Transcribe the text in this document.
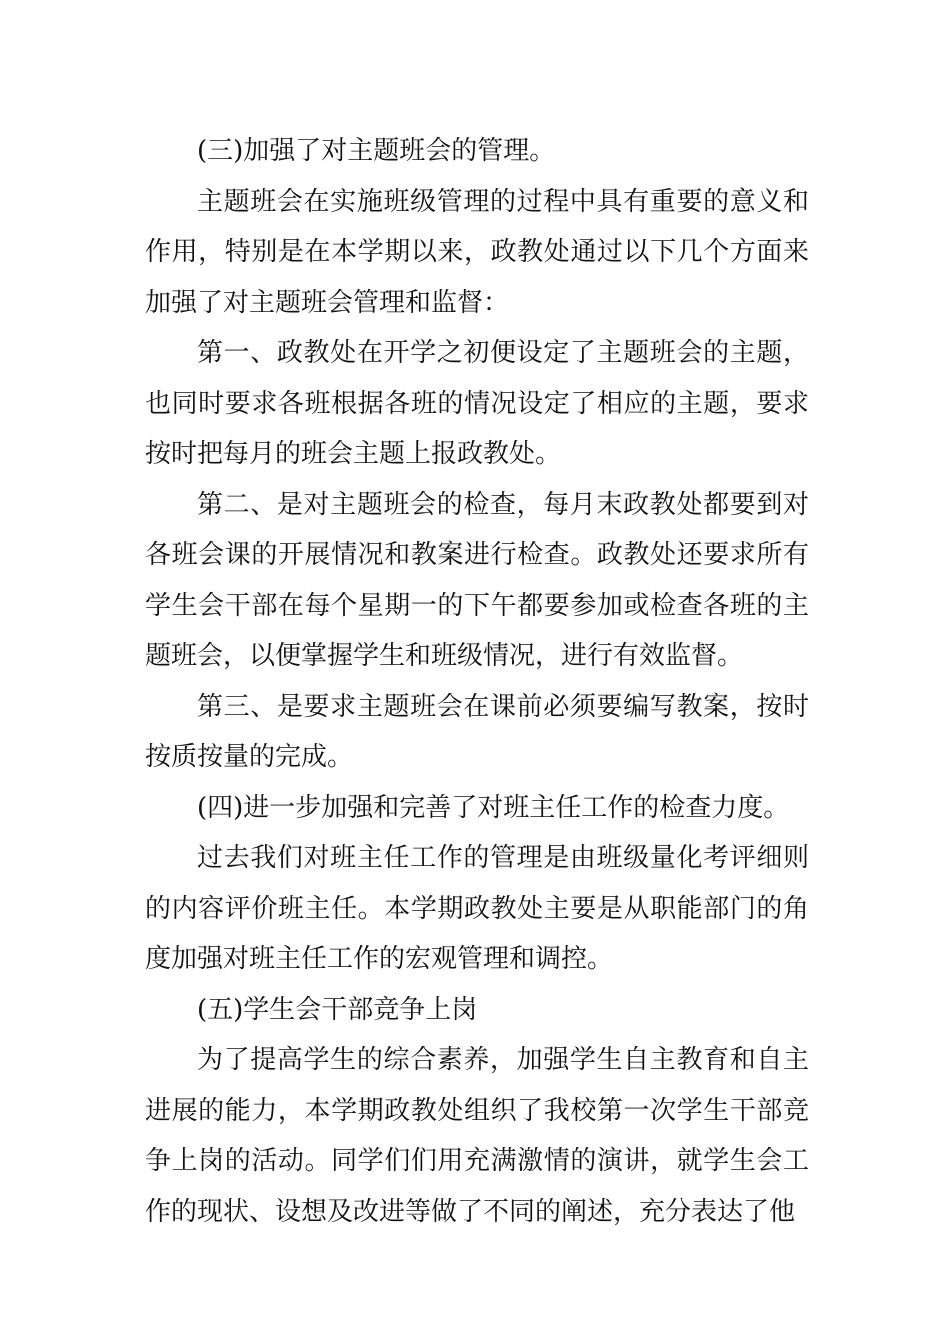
(三)加强了对主题班会的管理。

主题班会在实施班级管理的过程中具有重要的意义和作用，特别是在本学期以来，政教处通过以下几个方面来加强了对主题班会管理和监督：

第一、政教处在开学之初便设定了主题班会的主题，也同时要求各班根据各班的情况设定了相应的主题，要求按时把每月的班会主题上报政教处。

第二、是对主题班会的检查，每月末政教处都要到对各班会课的开展情况和教案进行检查。政教处还要求所有学生会干部在每个星期一的下午都要参加或检查各班的主题班会，以便掌握学生和班级情况，进行有效监督。

第三、是要求主题班会在课前必须要编写教案，按时按质按量的完成。

(四)进一步加强和完善了对班主任工作的检查力度。

过去我们对班主任工作的管理是由班级量化考评细则的内容评价班主任。本学期政教处主要是从职能部门的角度加强对班主任工作的宏观管理和调控。

(五)学生会干部竞争上岗

为了提高学生的综合素养，加强学生自主教育和自主进展的能力，本学期政教处组织了我校第一次学生干部竞争上岗的活动。同学们们用充满激情的演讲，就学生会工作的现状、设想及改进等做了不同的阐述，充分表达了他
